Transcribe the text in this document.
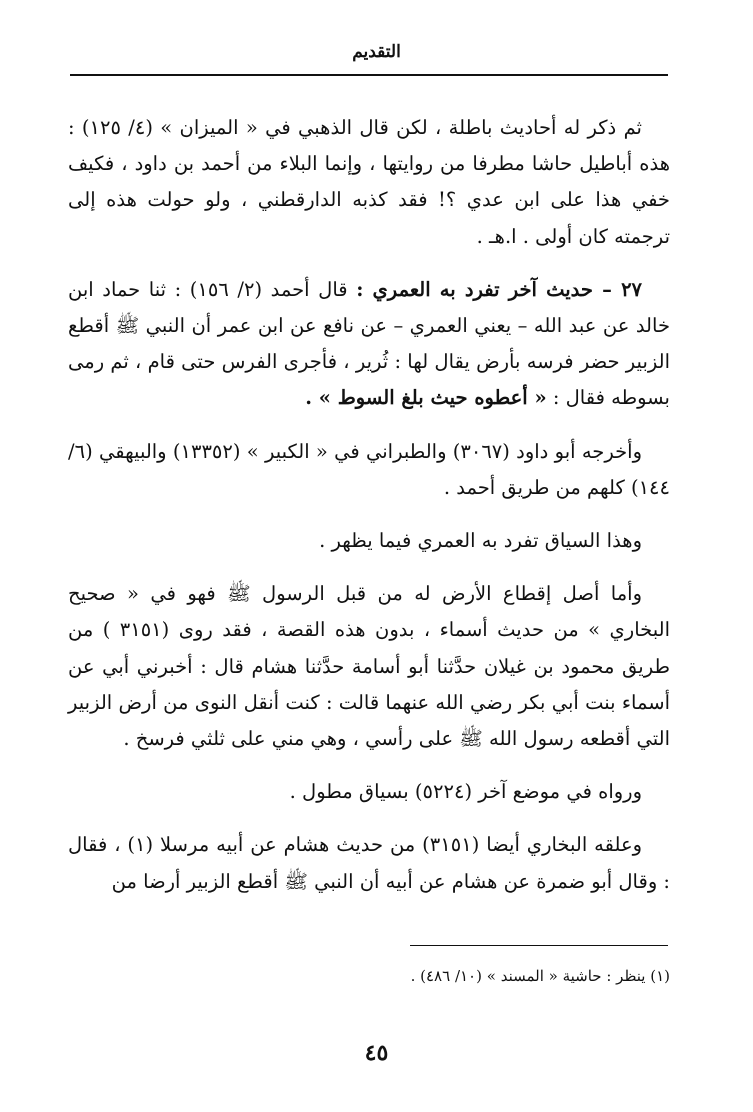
التقديم

ثم ذكر له أحاديث باطلة ، لكن قال الذهبي في « الميزان » (٤/ ١٢٥) : هذه أباطيل حاشا مطرفا من روايتها ، وإنما البلاء من أحمد بن داود ، فكيف خفي هذا على ابن عدي ؟! فقد كذبه الدارقطني ، ولو حولت هذه إلى ترجمته كان أولى . ا.هـ .

٢٧ – حديث آخر تفرد به العمري : قال أحمد (٢/ ١٥٦) : ثنا حماد ابن خالد عن عبد الله – يعني العمري – عن نافع عن ابن عمر أن النبي ﷺ أقطع الزبير حضر فرسه بأرض يقال لها : ثُرير ، فأجرى الفرس حتى قام ، ثم رمى بسوطه فقال : « أعطوه حيث بلغ السوط » .

وأخرجه أبو داود (٣٠٦٧) والطبراني في « الكبير » (١٣٣٥٢) والبيهقي (٦/ ١٤٤) كلهم من طريق أحمد .

وهذا السياق تفرد به العمري فيما يظهر .

وأما أصل إقطاع الأرض له من قبل الرسول ﷺ فهو في « صحيح البخاري » من حديث أسماء ، بدون هذه القصة ، فقد روى (٣١٥١ ) من طريق محمود بن غيلان حدَّثنا أبو أسامة حدَّثنا هشام قال : أخبرني أبي عن أسماء بنت أبي بكر رضي الله عنهما قالت : كنت أنقل النوى من أرض الزبير التي أقطعه رسول الله ﷺ على رأسي ، وهي مني على ثلثي فرسخ .

ورواه في موضع آخر (٥٢٢٤) بسياق مطول .

وعلقه البخاري أيضا (٣١٥١) من حديث هشام عن أبيه مرسلا (١) ، فقال : وقال أبو ضمرة عن هشام عن أبيه أن النبي ﷺ أقطع الزبير أرضا من

(١) ينظر : حاشية « المسند » (١٠/ ٤٨٦) .
٤٥
